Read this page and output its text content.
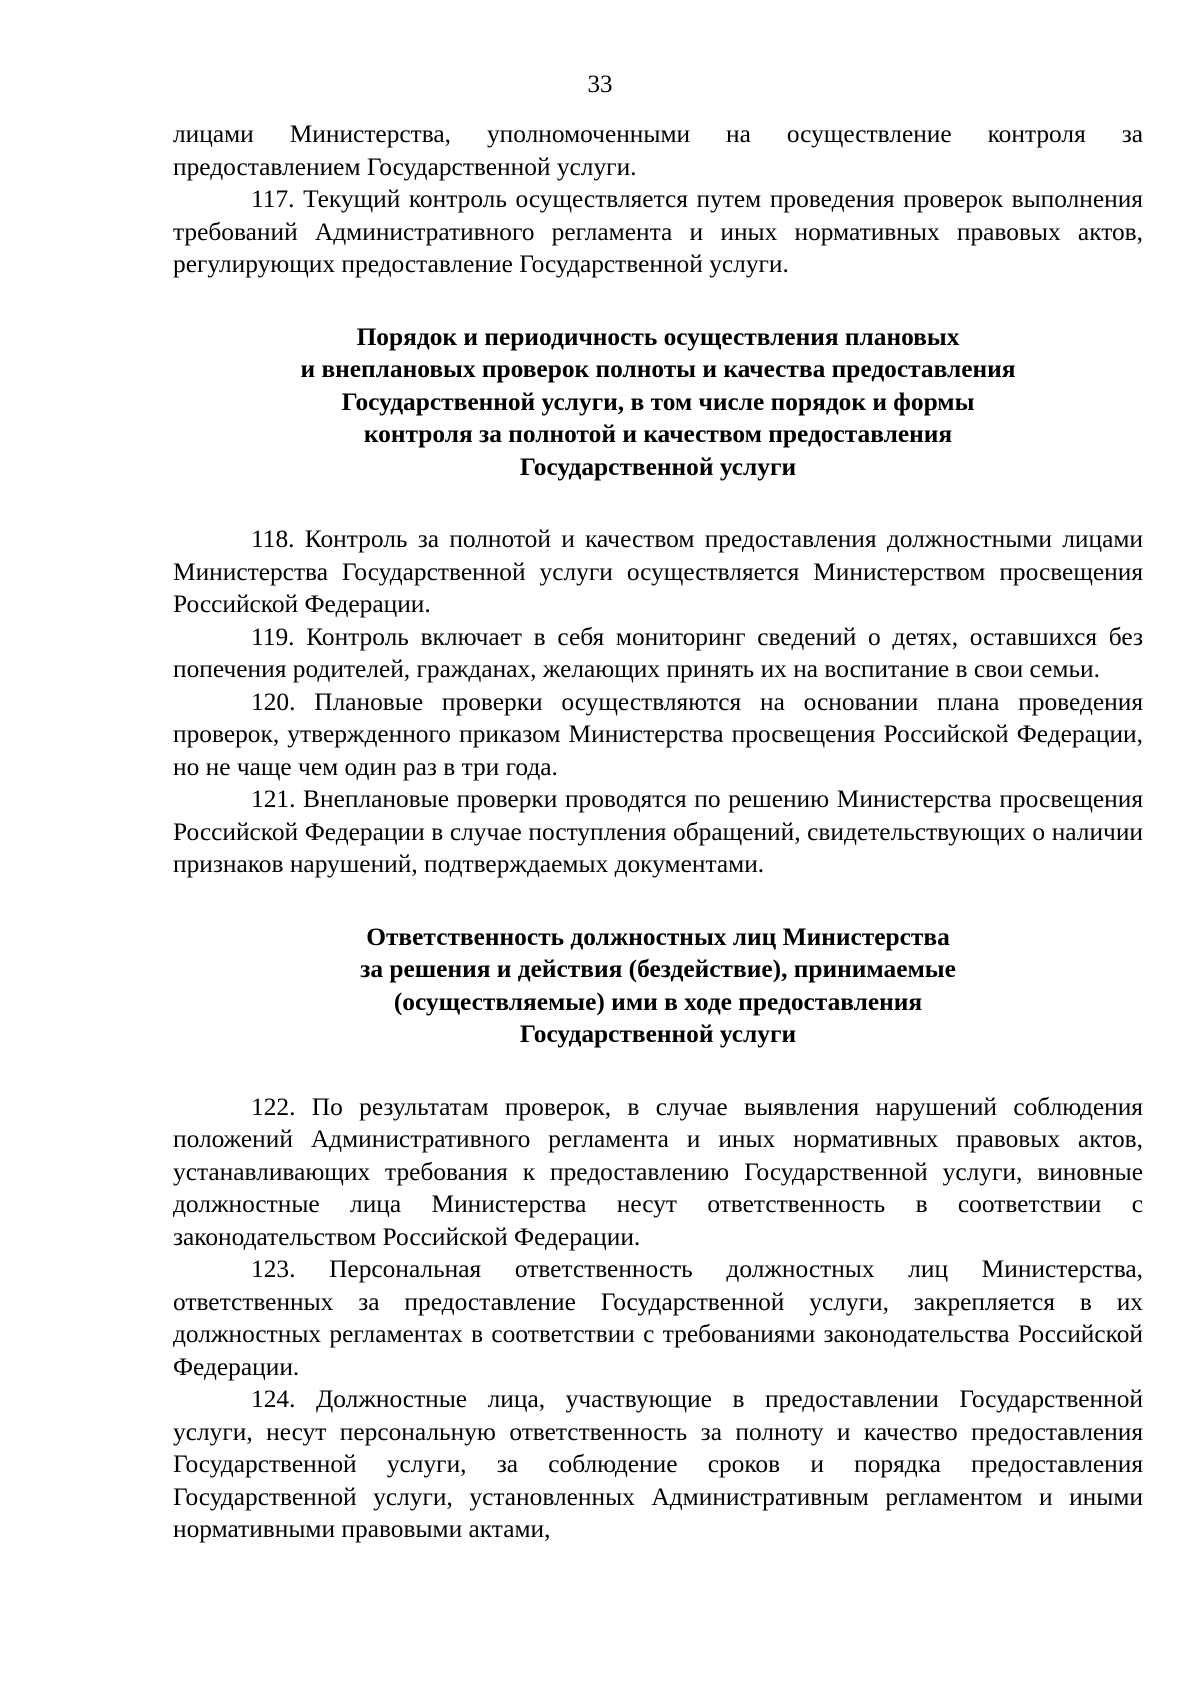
33

лицами Министерства, уполномоченными на осуществление контроля за предоставлением Государственной услуги.

117. Текущий контроль осуществляется путем проведения проверок выполнения требований Административного регламента и иных нормативных правовых актов, регулирующих предоставление Государственной услуги.

Порядок и периодичность осуществления плановых
и внеплановых проверок полноты и качества предоставления
Государственной услуги, в том числе порядок и формы
контроля за полнотой и качеством предоставления
Государственной услуги

118. Контроль за полнотой и качеством предоставления должностными лицами Министерства Государственной услуги осуществляется Министерством просвещения Российской Федерации.

119. Контроль включает в себя мониторинг сведений о детях, оставшихся без попечения родителей, гражданах, желающих принять их на воспитание в свои семьи.

120. Плановые проверки осуществляются на основании плана проведения проверок, утвержденного приказом Министерства просвещения Российской Федерации, но не чаще чем один раз в три года.

121. Внеплановые проверки проводятся по решению Министерства просвещения Российской Федерации в случае поступления обращений, свидетельствующих о наличии признаков нарушений, подтверждаемых документами.

Ответственность должностных лиц Министерства
за решения и действия (бездействие), принимаемые
(осуществляемые) ими в ходе предоставления
Государственной услуги

122. По результатам проверок, в случае выявления нарушений соблюдения положений Административного регламента и иных нормативных правовых актов, устанавливающих требования к предоставлению Государственной услуги, виновные должностные лица Министерства несут ответственность в соответствии с законодательством Российской Федерации.

123. Персональная ответственность должностных лиц Министерства, ответственных за предоставление Государственной услуги, закрепляется в их должностных регламентах в соответствии с требованиями законодательства Российской Федерации.

124. Должностные лица, участвующие в предоставлении Государственной услуги, несут персональную ответственность за полноту и качество предоставления Государственной услуги, за соблюдение сроков и порядка предоставления Государственной услуги, установленных Административным регламентом и иными нормативными правовыми актами,
